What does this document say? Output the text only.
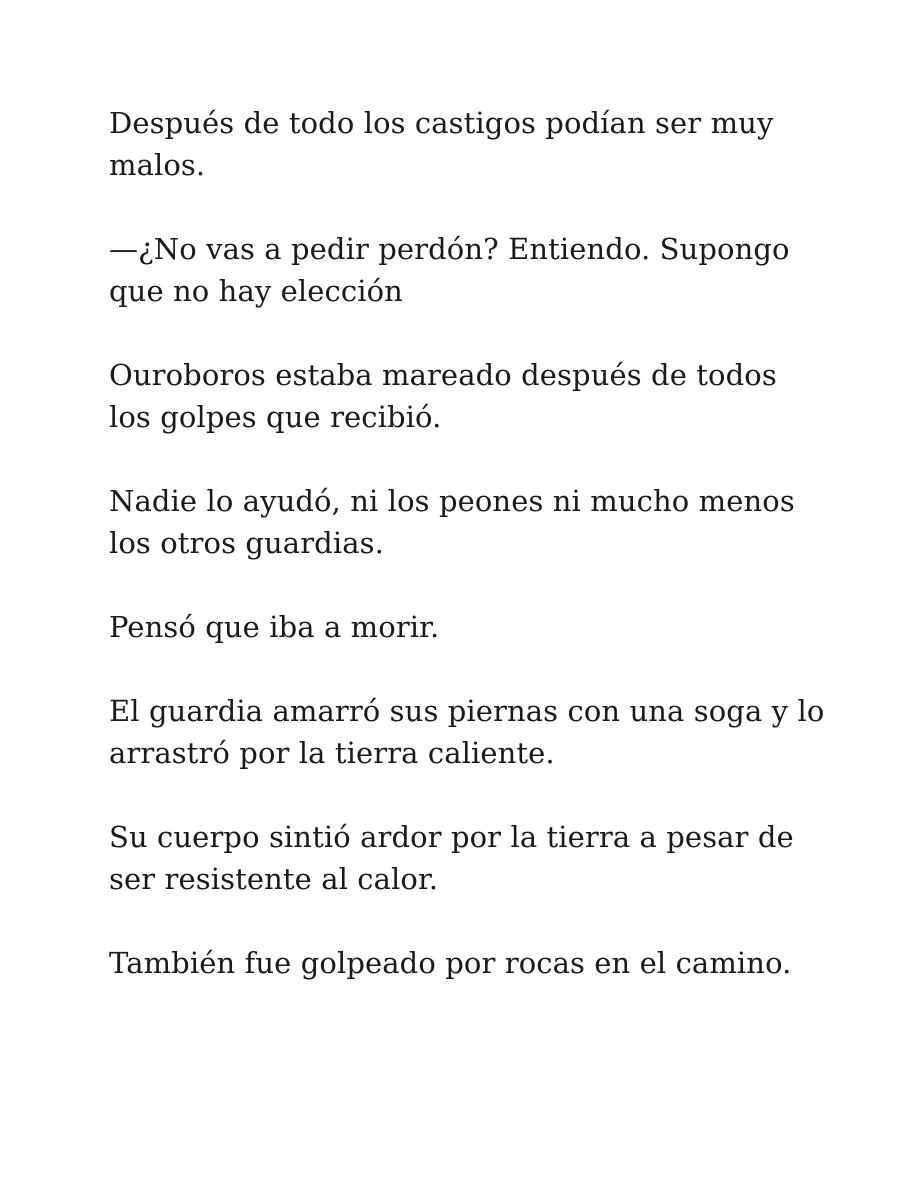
Después de todo los castigos podían ser muy
malos.

—¿No vas a pedir perdón? Entiendo. Supongo
que no hay elección

Ouroboros estaba mareado después de todos
los golpes que recibió.

Nadie lo ayudó, ni los peones ni mucho menos
los otros guardias.

Pensó que iba a morir.

El guardia amarró sus piernas con una soga y lo
arrastró por la tierra caliente.

Su cuerpo sintió ardor por la tierra a pesar de
ser resistente al calor.

También fue golpeado por rocas en el camino.
